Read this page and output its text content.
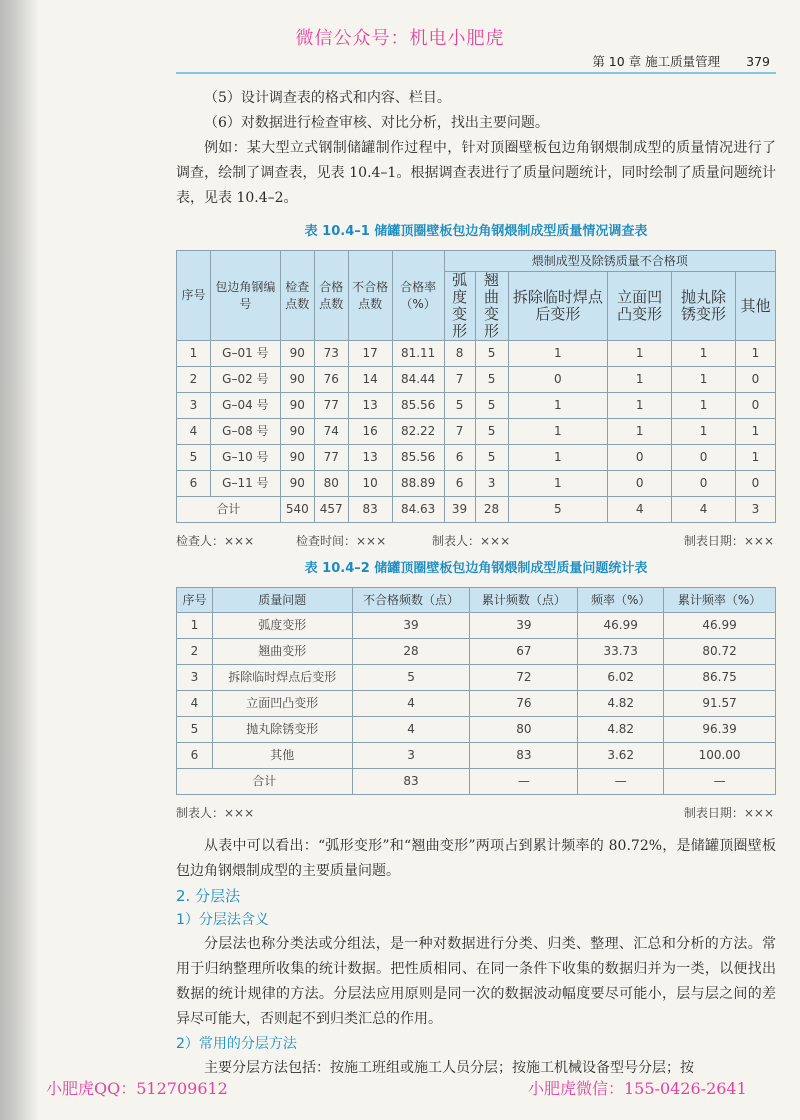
微信公众号：机电小肥虎
第 10 章 施工质量管理 379

（5）设计调查表的格式和内容、栏目。

（6）对数据进行检查审核、对比分析，找出主要问题。

例如：某大型立式钢制储罐制作过程中，针对顶圈壁板包边角钢煨制成型的质量情况进行了调查，绘制了调查表，见表 10.4–1。根据调查表进行了质量问题统计，同时绘制了质量问题统计表，见表 10.4–2。

表 10.4–1 储罐顶圈壁板包边角钢煨制成型质量情况调查表
序号	包边角钢编号	检查点数	合格点数	不合格点数	合格率（%）	煨制成型及除锈质量不合格项					
						弧度变形	翘曲变形	拆除临时焊点后变形	立面凹凸变形	抛丸除锈变形	其他
1	G–01 号	90	73	17	81.11	8	5	1	1	1	1
2	G–02 号	90	76	14	84.44	7	5	0	1	1	0
3	G–04 号	90	77	13	85.56	5	5	1	1	1	0
4	G–08 号	90	74	16	82.22	7	5	1	1	1	1
5	G–10 号	90	77	13	85.56	6	5	1	0	0	1
6	G–11 号	90	80	10	88.89	6	3	1	0	0	0
合计		540	457	83	84.63	39	28	5	4	4	3
检查人：×××	检查时间：×××	制表人：×××	制表日期：×××
表 10.4–2 储罐顶圈壁板包边角钢煨制成型质量问题统计表
序号	质量问题	不合格频数（点）	累计频数（点）	频率（%）	累计频率（%）
1	弧度变形	39	39	46.99	46.99
2	翘曲变形	28	67	33.73	80.72
3	拆除临时焊点后变形	5	72	6.02	86.75
4	立面凹凸变形	4	76	4.82	91.57
5	抛丸除锈变形	4	80	4.82	96.39
6	其他	3	83	3.62	100.00
合计		83	—	—	—
制表人：×××	制表日期：×××

从表中可以看出：“弧形变形”和“翘曲变形”两项占到累计频率的 80.72%，是储罐顶圈壁板包边角钢煨制成型的主要质量问题。

2. 分层法

1）分层法含义

分层法也称分类法或分组法，是一种对数据进行分类、归类、整理、汇总和分析的方法。常用于归纳整理所收集的统计数据。把性质相同、在同一条件下收集的数据归并为一类，以便找出数据的统计规律的方法。分层法应用原则是同一次的数据波动幅度要尽可能小，层与层之间的差异尽可能大，否则起不到归类汇总的作用。

2）常用的分层方法

主要分层方法包括：按施工班组或施工人员分层；按施工机械设备型号分层；按

小肥虎QQ：512709612	小肥虎微信：155-0426-2641
